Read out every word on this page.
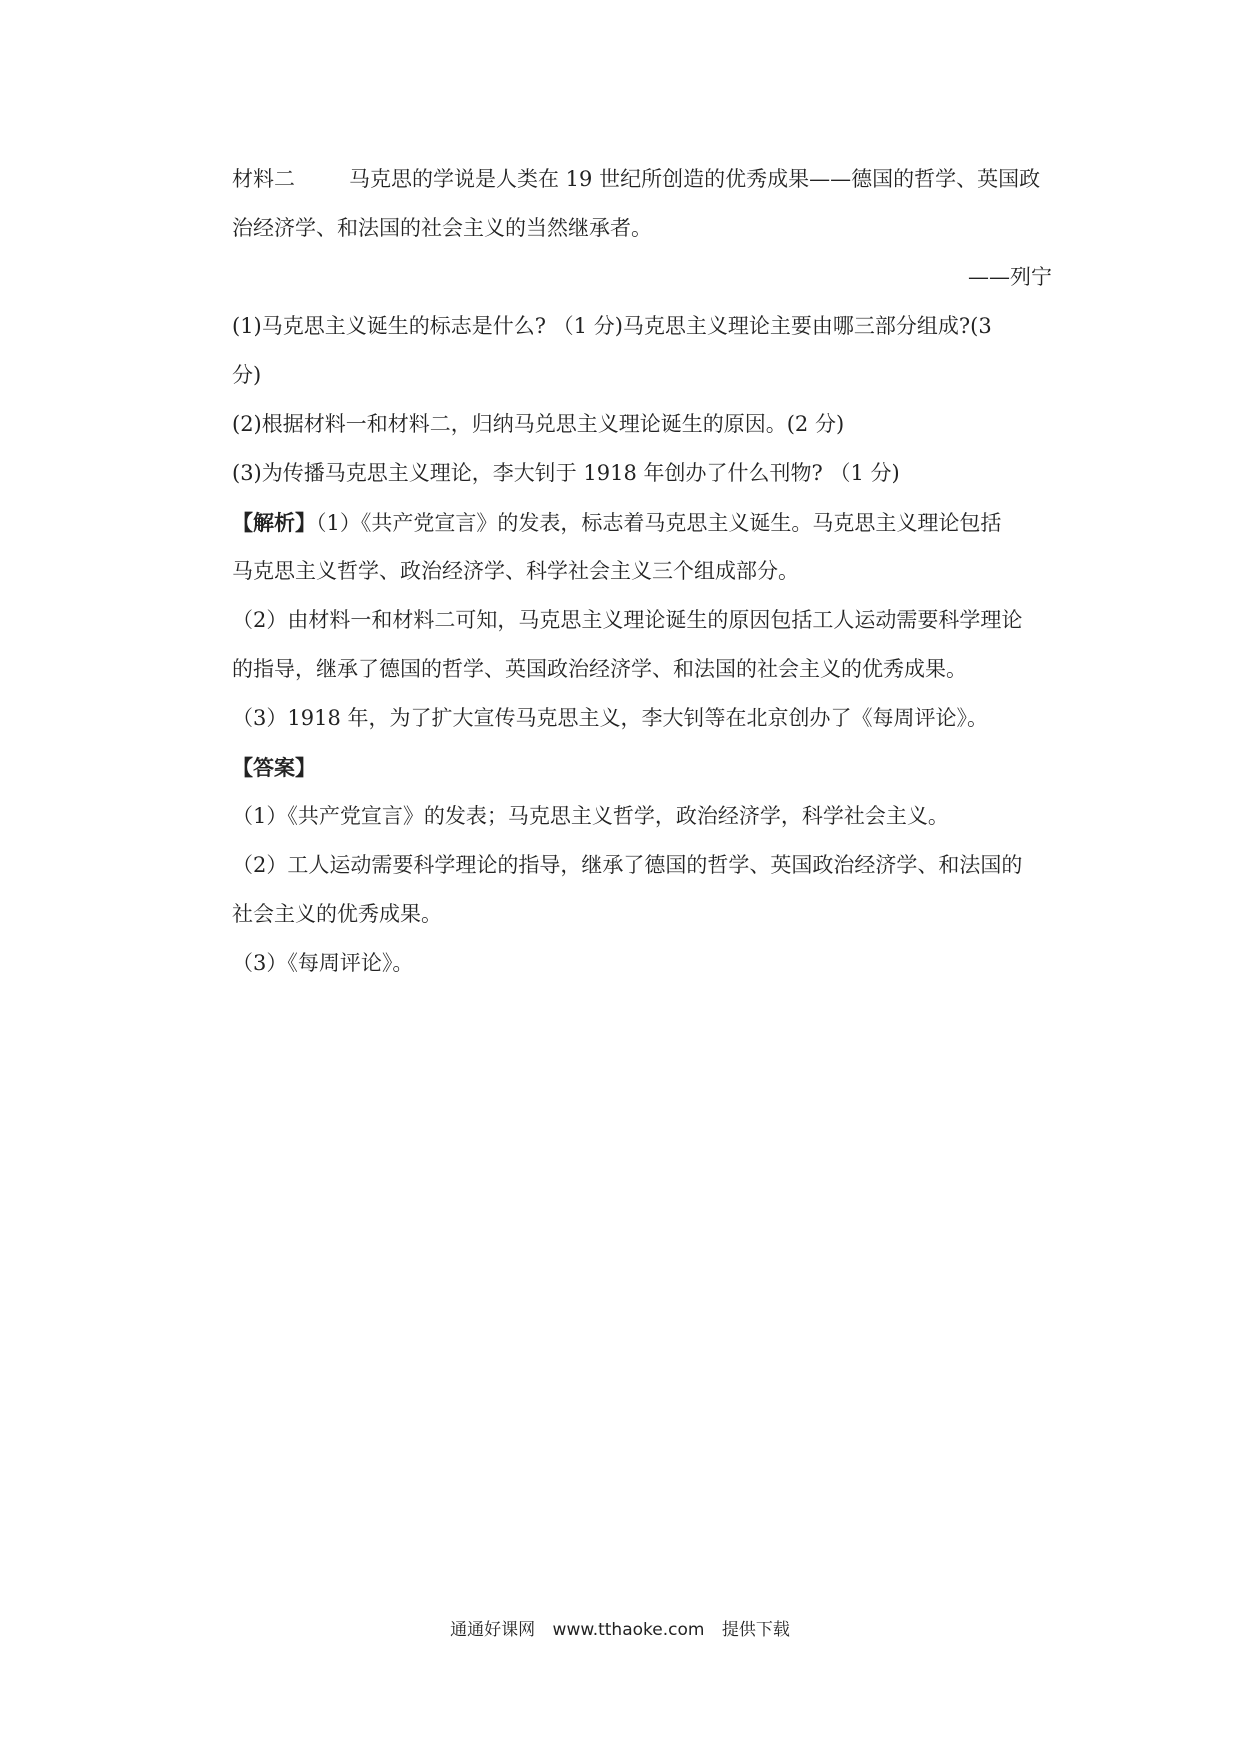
材料二	马克思的学说是人类在 19 世纪所创造的优秀成果——德国的哲学、英国政
治经济学、和法国的社会主义的当然继承者。
——列宁
(1)马克思主义诞生的标志是什么? （1 分)马克思主义理论主要由哪三部分组成?(3
分)
(2)根据材料一和材料二，归纳马兑思主义理论诞生的原因。(2 分)
(3)为传播马克思主义理论，李大钊于 1918 年创办了什么刊物? （1 分)
【解析】（1）《共产党宣言》的发表，标志着马克思主义诞生。马克思主义理论包括
马克思主义哲学、政治经济学、科学社会主义三个组成部分。
（2）由材料一和材料二可知，马克思主义理论诞生的原因包括工人运动需要科学理论
的指导，继承了德国的哲学、英国政治经济学、和法国的社会主义的优秀成果。
（3）1918 年，为了扩大宣传马克思主义，李大钊等在北京创办了《每周评论》。
【答案】
（1）《共产党宣言》的发表；马克思主义哲学，政治经济学，科学社会主义。
（2）工人运动需要科学理论的指导，继承了德国的哲学、英国政治经济学、和法国的
社会主义的优秀成果。
（3）《每周评论》。
通通好课网 www.tthaoke.com 提供下载
